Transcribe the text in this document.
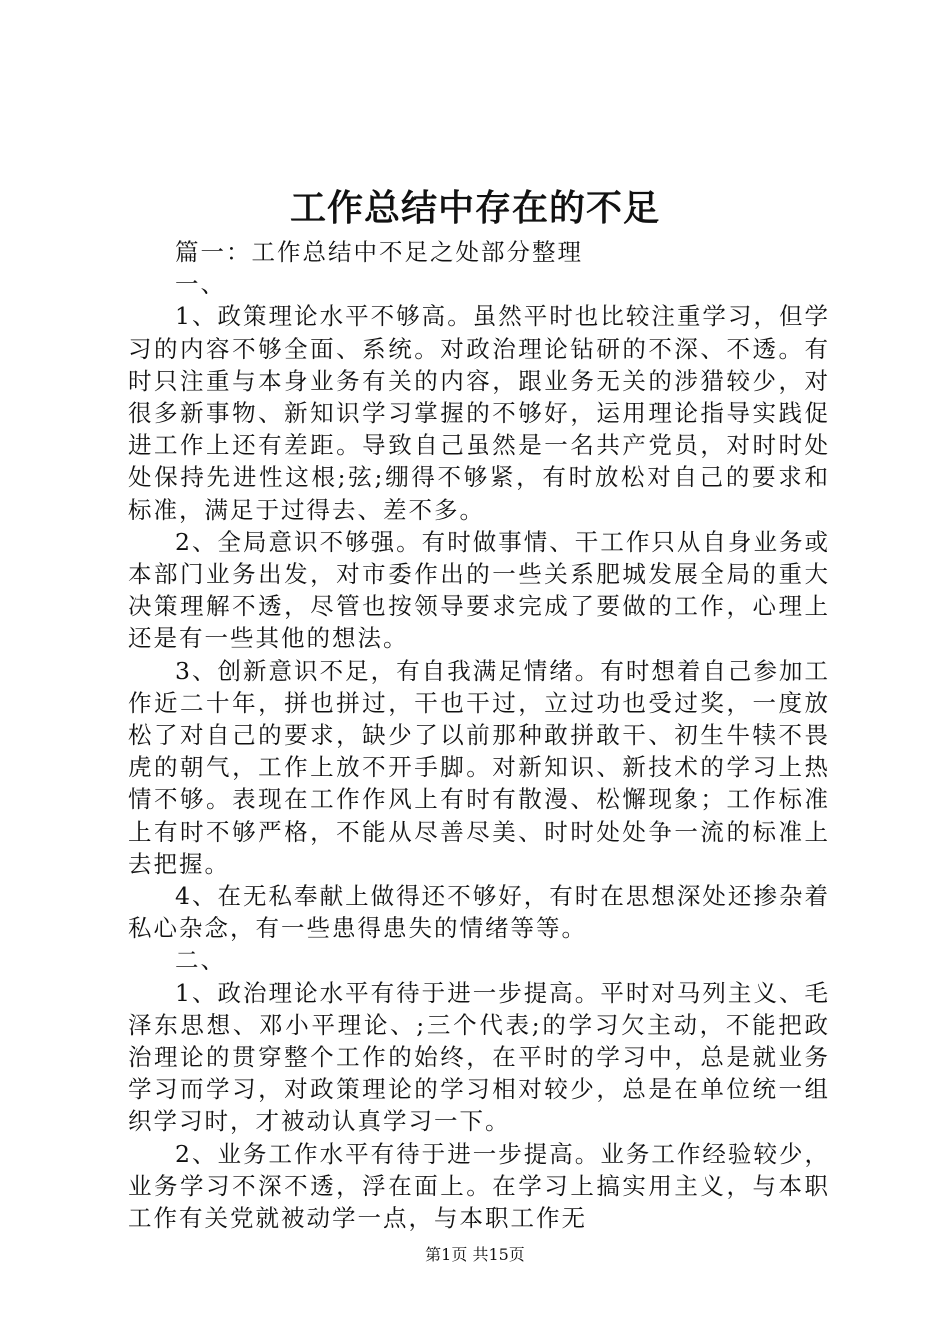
工作总结中存在的不足

篇一：工作总结中不足之处部分整理

一、

1、政策理论水平不够高。虽然平时也比较注重学习，但学习的内容不够全面、系统。对政治理论钻研的不深、不透。有时只注重与本身业务有关的内容，跟业务无关的涉猎较少，对很多新事物、新知识学习掌握的不够好，运用理论指导实践促进工作上还有差距。导致自己虽然是一名共产党员，对时时处处保持先进性这根;弦;绷得不够紧，有时放松对自己的要求和标准，满足于过得去、差不多。

2、全局意识不够强。有时做事情、干工作只从自身业务或本部门业务出发，对市委作出的一些关系肥城发展全局的重大决策理解不透，尽管也按领导要求完成了要做的工作，心理上还是有一些其他的想法。

3、创新意识不足，有自我满足情绪。有时想着自己参加工作近二十年，拼也拼过，干也干过，立过功也受过奖，一度放松了对自己的要求，缺少了以前那种敢拼敢干、初生牛犊不畏虎的朝气，工作上放不开手脚。对新知识、新技术的学习上热情不够。表现在工作作风上有时有散漫、松懈现象；工作标准上有时不够严格，不能从尽善尽美、时时处处争一流的标准上去把握。

4、在无私奉献上做得还不够好，有时在思想深处还掺杂着私心杂念，有一些患得患失的情绪等等。

二、

1、政治理论水平有待于进一步提高。平时对马列主义、毛泽东思想、邓小平理论、;三个代表;的学习欠主动，不能把政治理论的贯穿整个工作的始终，在平时的学习中，总是就业务学习而学习，对政策理论的学习相对较少，总是在单位统一组织学习时，才被动认真学习一下。

2、业务工作水平有待于进一步提高。业务工作经验较少，业务学习不深不透，浮在面上。在学习上搞实用主义，与本职工作有关党就被动学一点，与本职工作无

第1页 共15页
